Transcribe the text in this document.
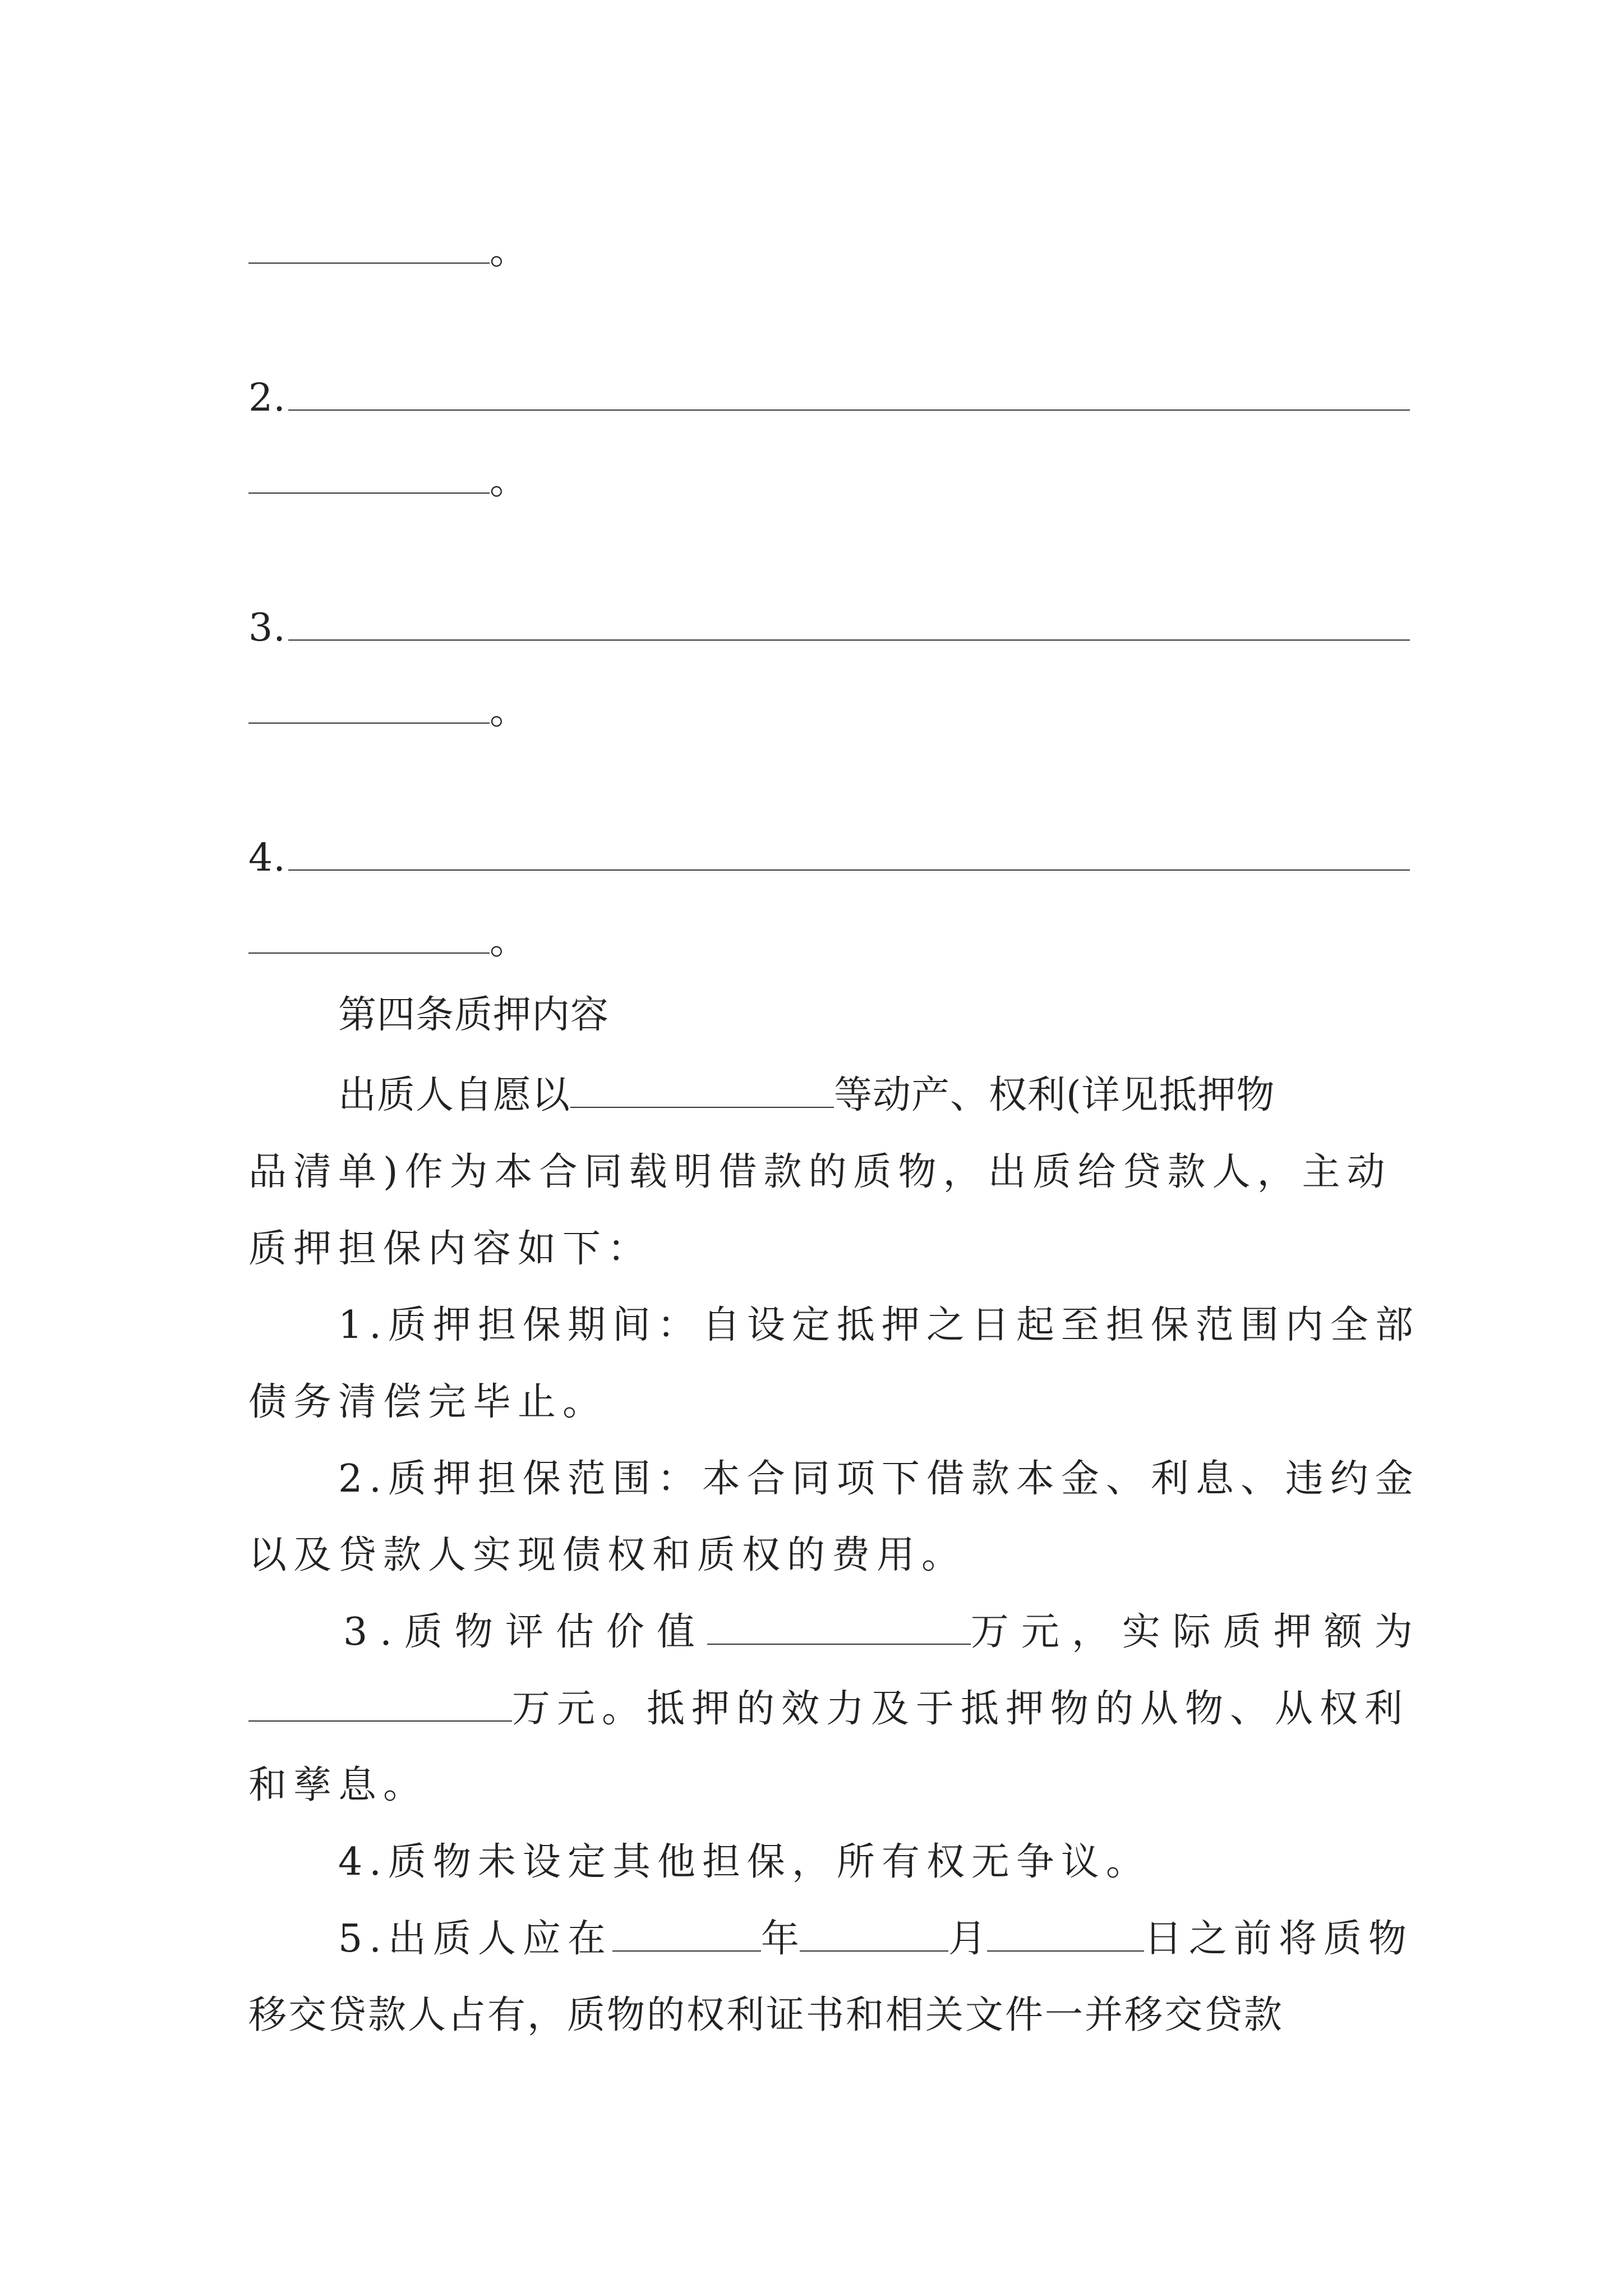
。
2.
。
3.
。
4.
。
第四条质押内容
出质人自愿以	等动产、权利(详见抵押物
品清单)作为本合同载明借款的质物，出质给贷款人，主动
质押担保内容如下：
1.质押担保期间：自设定抵押之日起至担保范围内全部
债务清偿完毕止。
2.质押担保范围：本合同项下借款本金、利息、违约金
以及贷款人实现债权和质权的费用。
3.质物评估价值	万元，实际质押额为
万元。抵押的效力及于抵押物的从物、从权利
和孳息。
4.质物未设定其他担保，所有权无争议。
5.出质人应在	年	月	日之前将质物
移交贷款人占有，质物的权利证书和相关文件一并移交贷款
